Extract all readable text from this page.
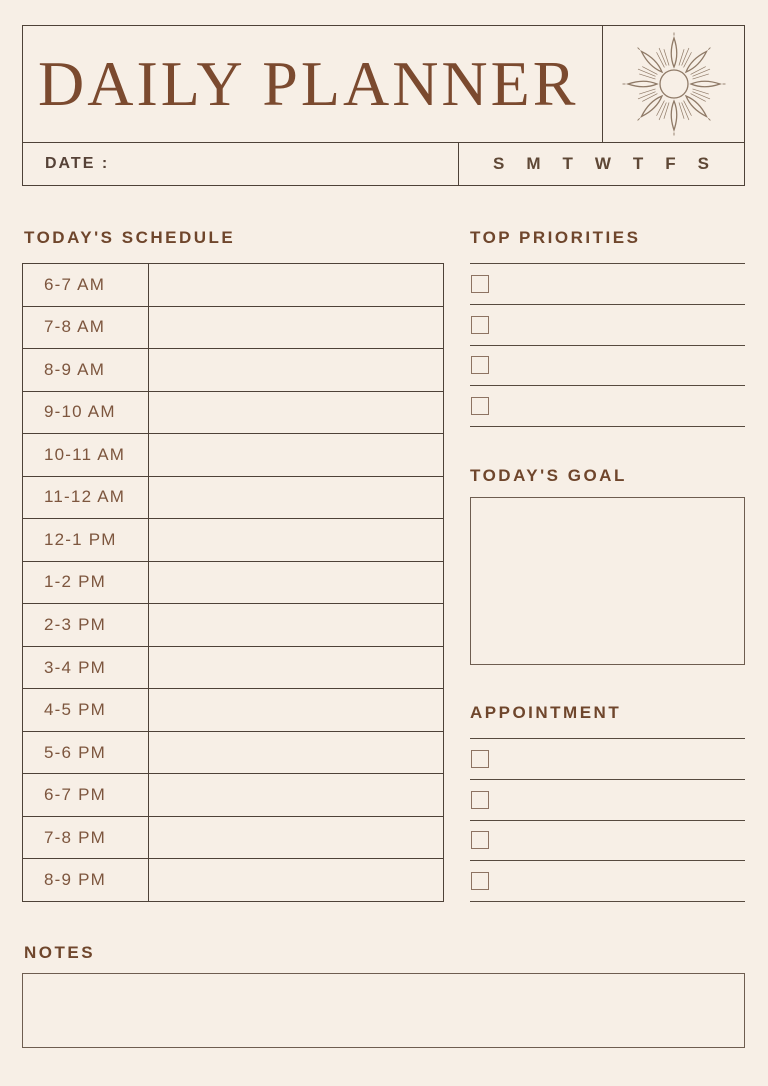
DAILY PLANNER
DATE :	S M T W T F S
TODAY'S SCHEDULE
6-7 AM
7-8 AM
8-9 AM
9-10 AM
10-11 AM
11-12 AM
12-1 PM
1-2 PM
2-3 PM
3-4 PM
4-5 PM
5-6 PM
6-7 PM
7-8 PM
8-9 PM
TOP PRIORITIES
TODAY'S GOAL
APPOINTMENT
NOTES
